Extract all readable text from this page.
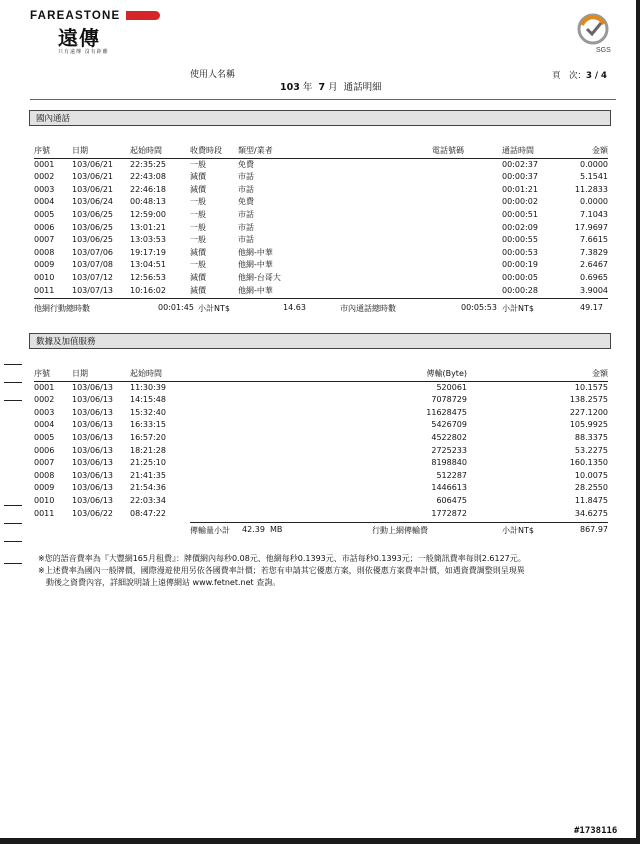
FAREASTONE
遠傳
只有遠傳 沒有距離	SGS
使用人名稱
103 年 7 月 通話明細
頁　次：3 / 4
國內通話
序號	日期	起始時間	收費時段	類型/業者	電話號碼	通話時間	金額
0001	103/06/21	22:35:25	一般	免費		00:02:37	0.0000
0002	103/06/21	22:43:08	減價	市話		00:00:37	5.1541
0003	103/06/21	22:46:18	減價	市話		00:01:21	11.2833
0004	103/06/24	00:48:13	一般	免費		00:00:02	0.0000
0005	103/06/25	12:59:00	一般	市話		00:00:51	7.1043
0006	103/06/25	13:01:21	一般	市話		00:02:09	17.9697
0007	103/06/25	13:03:53	一般	市話		00:00:55	7.6615
0008	103/07/06	19:17:19	減價	他網-中華		00:00:53	7.3829
0009	103/07/08	13:04:51	一般	他網-中華		00:00:19	2.6467
0010	103/07/12	12:56:53	減價	他網-台哥大		00:00:05	0.6965
0011	103/07/13	10:16:02	減價	他網-中華		00:00:28	3.9004
他網行動總時數	00:01:45 小計NT$	14.63	市內通話總時數	00:05:53 小計NT$	49.17
數據及加值服務
序號	日期	起始時間	傳輸(Byte)	金額
0001	103/06/13	11:30:39	520061	10.1575
0002	103/06/13	14:15:48	7078729	138.2575
0003	103/06/13	15:32:40	11628475	227.1200
0004	103/06/13	16:33:15	5426709	105.9925
0005	103/06/13	16:57:20	4522802	88.3375
0006	103/06/13	18:21:28	2725233	53.2275
0007	103/06/13	21:25:10	8198840	160.1350
0008	103/06/13	21:41:35	512287	10.0075
0009	103/06/13	21:54:36	1446613	28.2550
0010	103/06/13	22:03:34	606475	11.8475
0011	103/06/22	08:47:22	1772872	34.6275
傳輸量小計 42.39 MB	行動上網傳輸費	小計NT$	867.97
※您的語音費率為『大豐網165月租費』：牌價網內每秒0.08元、他網每秒0.1393元、市話每秒0.1393元；一般簡訊費率每則2.6127元。
※上述費率為國內一般牌價，國際漫遊使用另依各國費率計價；若您有申請其它優惠方案，則依優惠方案費率計價，如遇資費調整則呈現異
　動後之資費內容，詳細說明請上遠傳網站 www.fetnet.net 查詢。
#1738116
